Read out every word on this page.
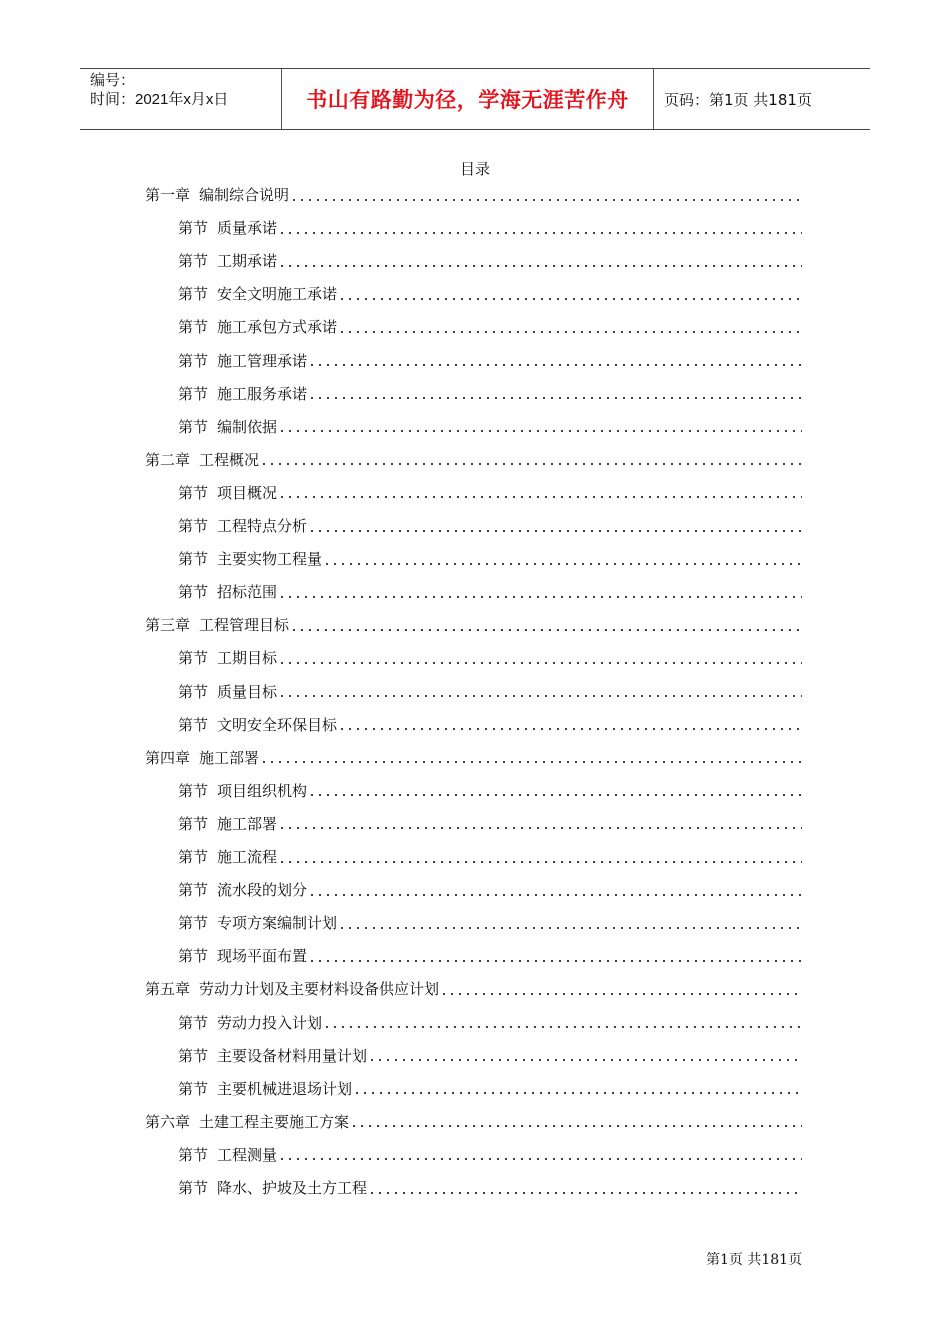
编号：
时间：2021年x月x日	书山有路勤为径，学海无涯苦作舟	页码：第1页 共181页
目录
第一章 编制综合说明
第节 质量承诺
第节 工期承诺
第节 安全文明施工承诺
第节 施工承包方式承诺
第节 施工管理承诺
第节 施工服务承诺
第节 编制依据
第二章 工程概况
第节 项目概况
第节 工程特点分析
第节 主要实物工程量
第节 招标范围
第三章 工程管理目标
第节 工期目标
第节 质量目标
第节 文明安全环保目标
第四章 施工部署
第节 项目组织机构
第节 施工部署
第节 施工流程
第节 流水段的划分
第节 专项方案编制计划
第节 现场平面布置
第五章 劳动力计划及主要材料设备供应计划
第节 劳动力投入计划
第节 主要设备材料用量计划
第节 主要机械进退场计划
第六章 土建工程主要施工方案
第节 工程测量
第节 降水、护坡及土方工程
第1页 共181页
